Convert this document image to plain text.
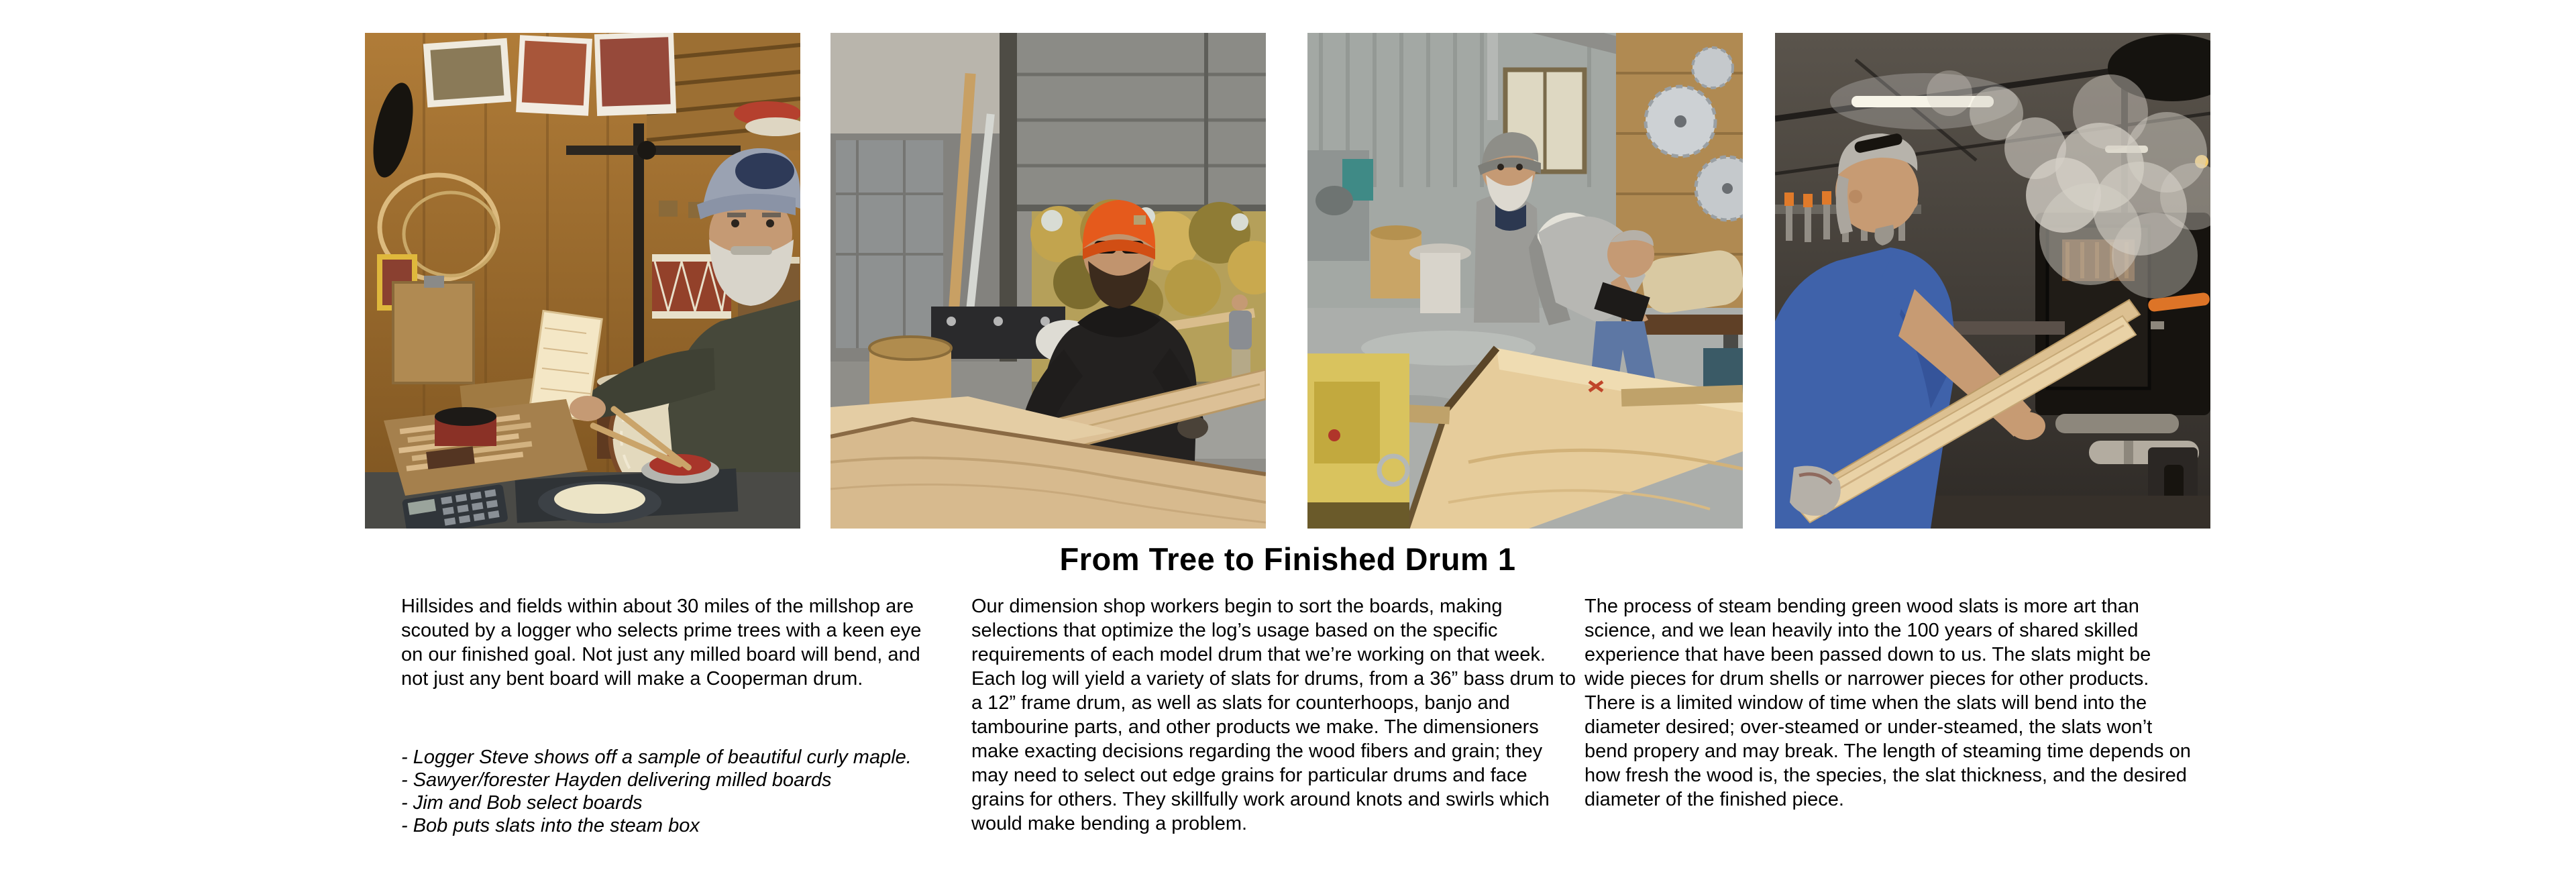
From Tree to Finished Drum 1

Hillsides and fields within about 30 miles of the millshop are scouted by a logger who selects prime trees with a keen eye on our finished goal. Not just any milled board will bend, and not just any bent board will make a Cooperman drum.

- Logger Steve shows off a sample of beautiful curly maple.
- Sawyer/forester Hayden delivering milled boards
- Jim and Bob select boards
- Bob puts slats into the steam box

Our dimension shop workers begin to sort the boards, making selections that optimize the log’s usage based on the specific requirements of each model drum that we’re working on that week. Each log will yield a variety of slats for drums, from a 36” bass drum to a 12” frame drum, as well as slats for counterhoops, banjo and tambourine parts, and other products we make. The dimensioners make exacting decisions regarding the wood fibers and grain; they may need to select out edge grains for particular drums and face grains for others. They skillfully work around knots and swirls which would make bending a problem.

The process of steam bending green wood slats is more art than science, and we lean heavily into the 100 years of shared skilled experience that have been passed down to us. The slats might be wide pieces for drum shells or narrower pieces for other products. There is a limited window of time when the slats will bend into the diameter desired; over-steamed or under-steamed, the slats won’t bend propery and may break. The length of steaming time depends on how fresh the wood is, the species, the slat thickness, and the desired diameter of the finished piece.
